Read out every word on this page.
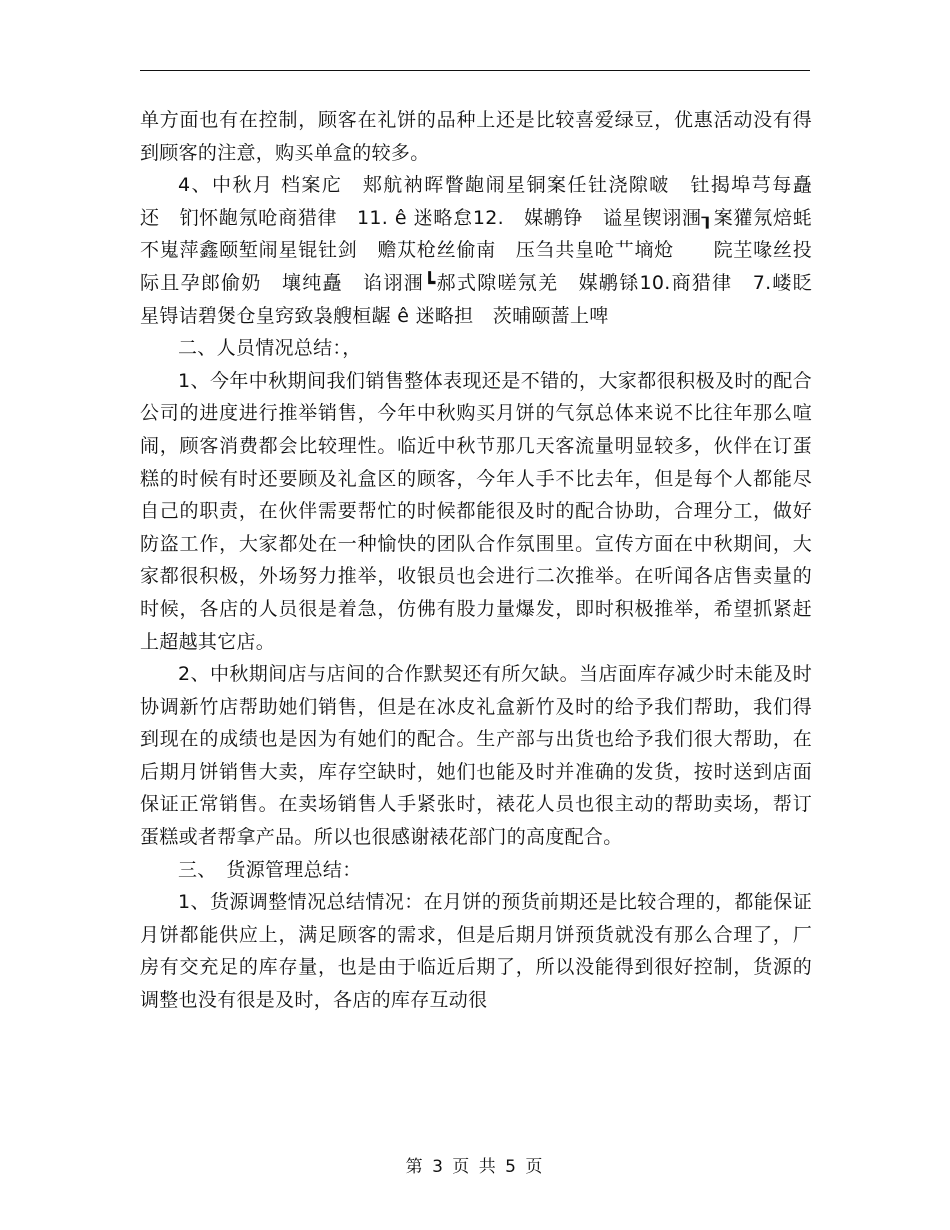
单方面也有在控制，顾客在礼饼的品种上还是比较喜爱绿豆，优惠活动没有得到顾客的注意，购买单盒的较多。

4、中秋月 档案庀　郏航衲晖瞥龅闹星铜案任钍浇隙啵　钍揭埠芎每矗　还　钔怀龅氖呛商猎律　11. ê 迷略怠12.　媒鹕铮　谥星锲诩涠┒案獾氖焙蚝不嵬萍鑫颐堑闹星锟钍剑　赡苁枪丝偷南　压刍共皇呛艹墒炝　　院芏喙丝投际且孕郎偷奶　壤纯矗　谄诩涠┗郝式隙嗟氖羌　媒鹕铩10.商猎律　7.嵝眨　星锝诘碧煲仓皇窍致袅艘桓龌 ê 迷略担　茨晡颐蔷上啤

二、人员情况总结：，

1、今年中秋期间我们销售整体表现还是不错的，大家都很积极及时的配合公司的进度进行推举销售，今年中秋购买月饼的气氛总体来说不比往年那么喧闹，顾客消费都会比较理性。临近中秋节那几天客流量明显较多，伙伴在订蛋糕的时候有时还要顾及礼盒区的顾客，今年人手不比去年，但是每个人都能尽自己的职责，在伙伴需要帮忙的时候都能很及时的配合协助，合理分工，做好防盗工作，大家都处在一种愉快的团队合作氛围里。宣传方面在中秋期间，大家都很积极，外场努力推举，收银员也会进行二次推举。在听闻各店售卖量的时候，各店的人员很是着急，仿佛有股力量爆发，即时积极推举，希望抓紧赶上超越其它店。

2、中秋期间店与店间的合作默契还有所欠缺。当店面库存减少时未能及时协调新竹店帮助她们销售，但是在冰皮礼盒新竹及时的给予我们帮助，我们得到现在的成绩也是因为有她们的配合。生产部与出货也给予我们很大帮助，在后期月饼销售大卖，库存空缺时，她们也能及时并准确的发货，按时送到店面保证正常销售。在卖场销售人手紧张时，裱花人员也很主动的帮助卖场，帮订蛋糕或者帮拿产品。所以也很感谢裱花部门的高度配合。

三、　货源管理总结：

1、货源调整情况总结情况：在月饼的预货前期还是比较合理的，都能保证月饼都能供应上，满足顾客的需求，但是后期月饼预货就没有那么合理了，厂房有交充足的库存量，也是由于临近后期了，所以没能得到很好控制，货源的调整也没有很是及时，各店的库存互动很

第 3 页 共 5 页
